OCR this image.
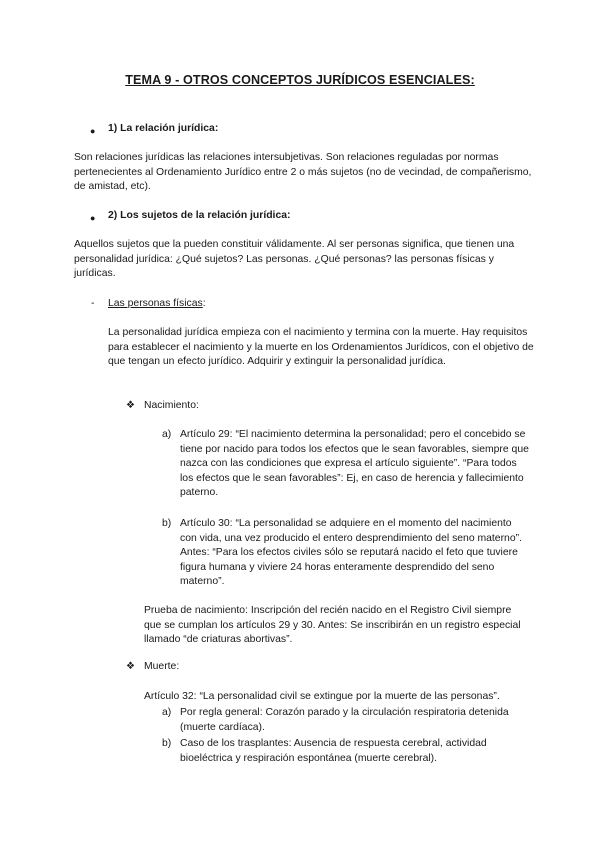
TEMA 9 - OTROS CONCEPTOS JURÍDICOS ESENCIALES:
● 1) La relación jurídica:

Son relaciones jurídicas las relaciones intersubjetivas. Son relaciones reguladas por normas pertenecientes al Ordenamiento Jurídico entre 2 o más sujetos (no de vecindad, de compañerismo, de amistad, etc).

● 2) Los sujetos de la relación jurídica:

Aquellos sujetos que la pueden constituir válidamente. Al ser personas significa, que tienen una personalidad jurídica: ¿Qué sujetos? Las personas. ¿Qué personas? las personas físicas y jurídicas.

- Las personas físicas:

La personalidad jurídica empieza con el nacimiento y termina con la muerte. Hay requisitos para establecer el nacimiento y la muerte en los Ordenamientos Jurídicos, con el objetivo de que tengan un efecto jurídico. Adquirir y extinguir la personalidad jurídica.

❖ Nacimiento:
a) Artículo 29: “El nacimiento determina la personalidad; pero el concebido se tiene por nacido para todos los efectos que le sean favorables, siempre que nazca con las condiciones que expresa el artículo siguiente”. “Para todos los efectos que le sean favorables”: Ej, en caso de herencia y fallecimiento paterno.

b) Artículo 30: “La personalidad se adquiere en el momento del nacimiento con vida, una vez producido el entero desprendimiento del seno materno”. Antes: “Para los efectos civiles sólo se reputará nacido el feto que tuviere figura humana y viviere 24 horas enteramente desprendido del seno materno”.

Prueba de nacimiento: Inscripción del recién nacido en el Registro Civil siempre que se cumplan los artículos 29 y 30. Antes: Se inscribirán en un registro especial llamado “de criaturas abortivas”.

❖ Muerte:
Artículo 32: “La personalidad civil se extingue por la muerte de las personas”.
a) Por regla general: Corazón parado y la circulación respiratoria detenida (muerte cardíaca).

b) Caso de los trasplantes: Ausencia de respuesta cerebral, actividad bioeléctrica y respiración espontánea (muerte cerebral).
